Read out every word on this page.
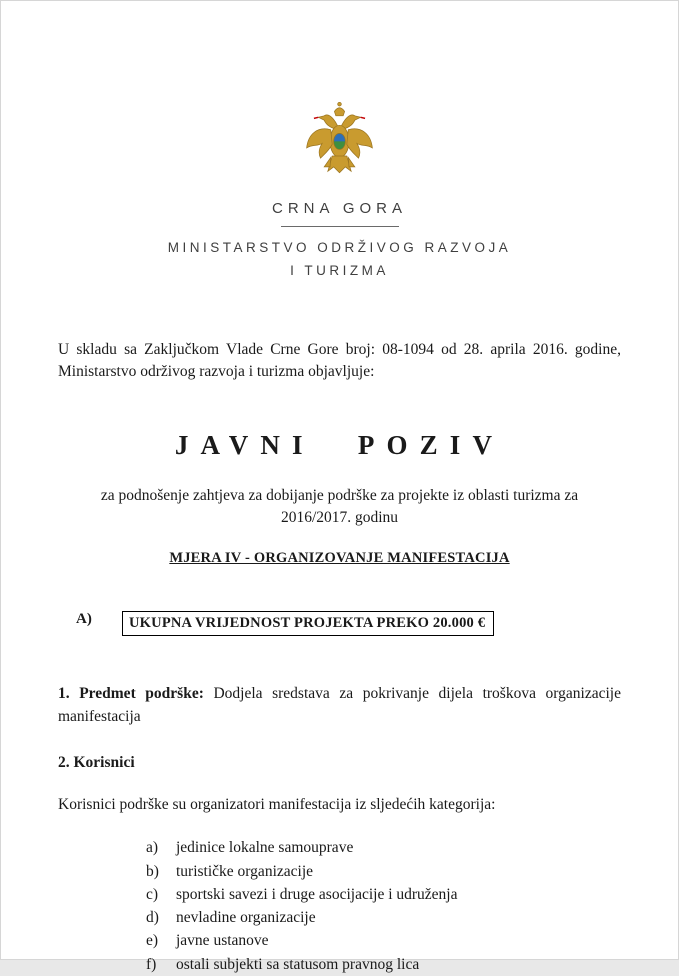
CRNA GORA
MINISTARSTVO ODRŽIVOG RAZVOJA
I TURIZMA

U skladu sa Zaključkom Vlade Crne Gore broj: 08-1094 od 28. aprila 2016. godine, Ministarstvo održivog razvoja i turizma objavljuje:

JAVNI POZIV

za podnošenje zahtjeva za dobijanje podrške za projekte iz oblasti turizma za 2016/2017. godinu

MJERA IV - ORGANIZOVANJE MANIFESTACIJA
A)	UKUPNA VRIJEDNOST PROJEKTA PREKO 20.000 €

1. Predmet podrške: Dodjela sredstava za pokrivanje dijela troškova organizacije manifestacija

2. Korisnici

Korisnici podrške su organizatori manifestacija iz sljedećih kategorija:

a)	jedinice lokalne samouprave
b)	turističke organizacije
c)	sportski savezi i druge asocijacije i udruženja
d)	nevladine organizacije
e)	javne ustanove
f)	ostali subjekti sa statusom pravnog lica
